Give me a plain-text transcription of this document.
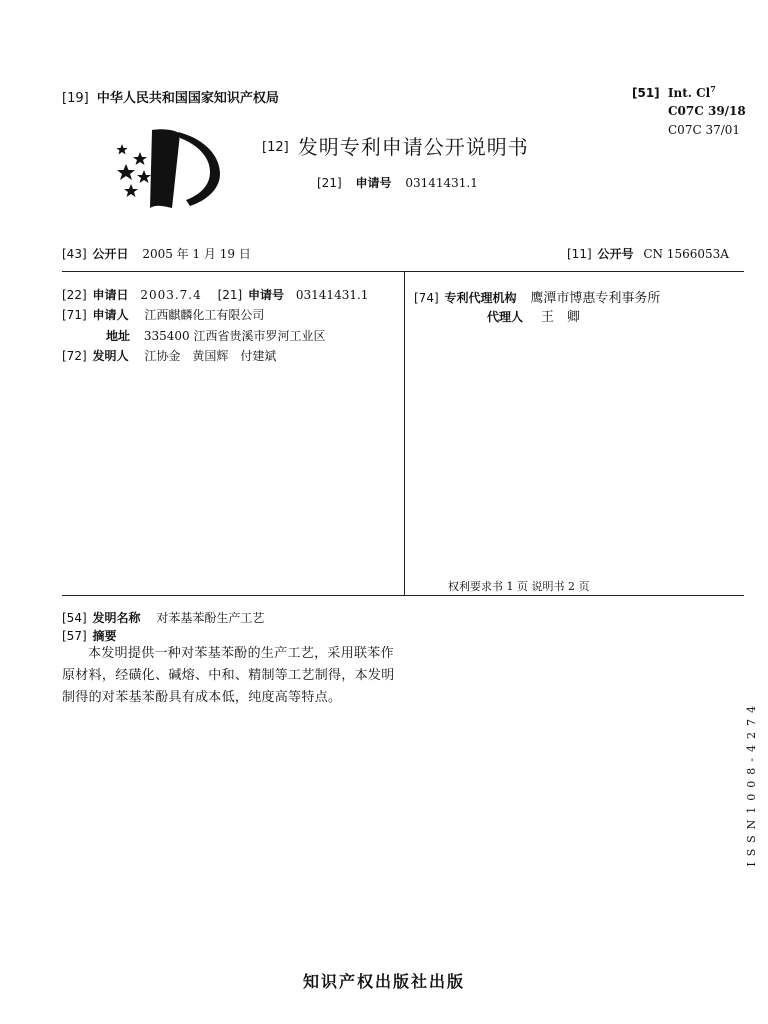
[19] 中华人民共和国国家知识产权局
[12] 发明专利申请公开说明书
[21] 申请号 03141431.1
[51] Int. Cl$^7$
C07C 39/18
C07C 37/01
[43] 公开日 2005 年 1 月 19 日	[11] 公开号 CN 1566053A
[22] 申请日 2003.7.4 [21] 申请号 03141431.1
[71] 申请人 江西麒麟化工有限公司
地址 335400 江西省贵溪市罗河工业区
[72] 发明人 江协金　黄国辉　付建斌
[74] 专利代理机构 鹰潭市博惠专利事务所
代理人 王　卿
权利要求书 1 页 说明书 2 页
[54] 发明名称 对苯基苯酚生产工艺
[57] 摘要
本发明提供一种对苯基苯酚的生产工艺，采用联苯作原材料，经磺化、碱熔、中和、精制等工艺制得，本发明制得的对苯基苯酚具有成本低，纯度高等特点。
ISSN1008-4274
知识产权出版社出版
